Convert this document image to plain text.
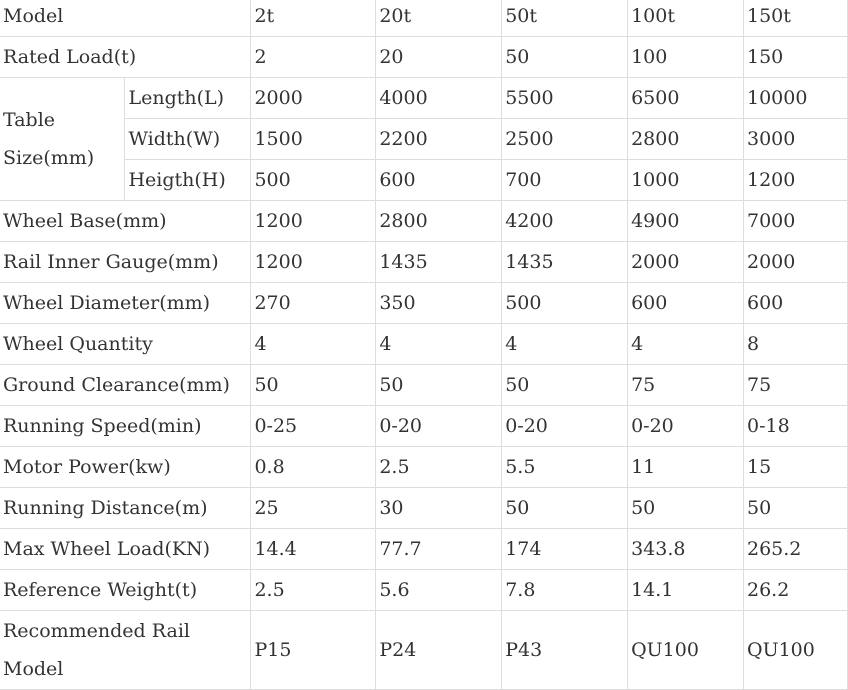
Model		2t	20t	50t	100t	150t
Rated Load(t)		2	20	50	100	150
Table Size(mm)	Length(L)	2000	4000	5500	6500	10000
	Width(W)	1500	2200	2500	2800	3000
	Heigth(H)	500	600	700	1000	1200
Wheel Base(mm)		1200	2800	4200	4900	7000
Rail Inner Gauge(mm)		1200	1435	1435	2000	2000
Wheel Diameter(mm)		270	350	500	600	600
Wheel Quantity		4	4	4	4	8
Ground Clearance(mm)		50	50	50	75	75
Running Speed(min)		0-25	0-20	0-20	0-20	0-18
Motor Power(kw)		0.8	2.5	5.5	11	15
Running Distance(m)		25	30	50	50	50
Max Wheel Load(KN)		14.4	77.7	174	343.8	265.2
Reference Weight(t)		2.5	5.6	7.8	14.1	26.2
Recommended Rail Model		P15	P24	P43	QU100	QU100
